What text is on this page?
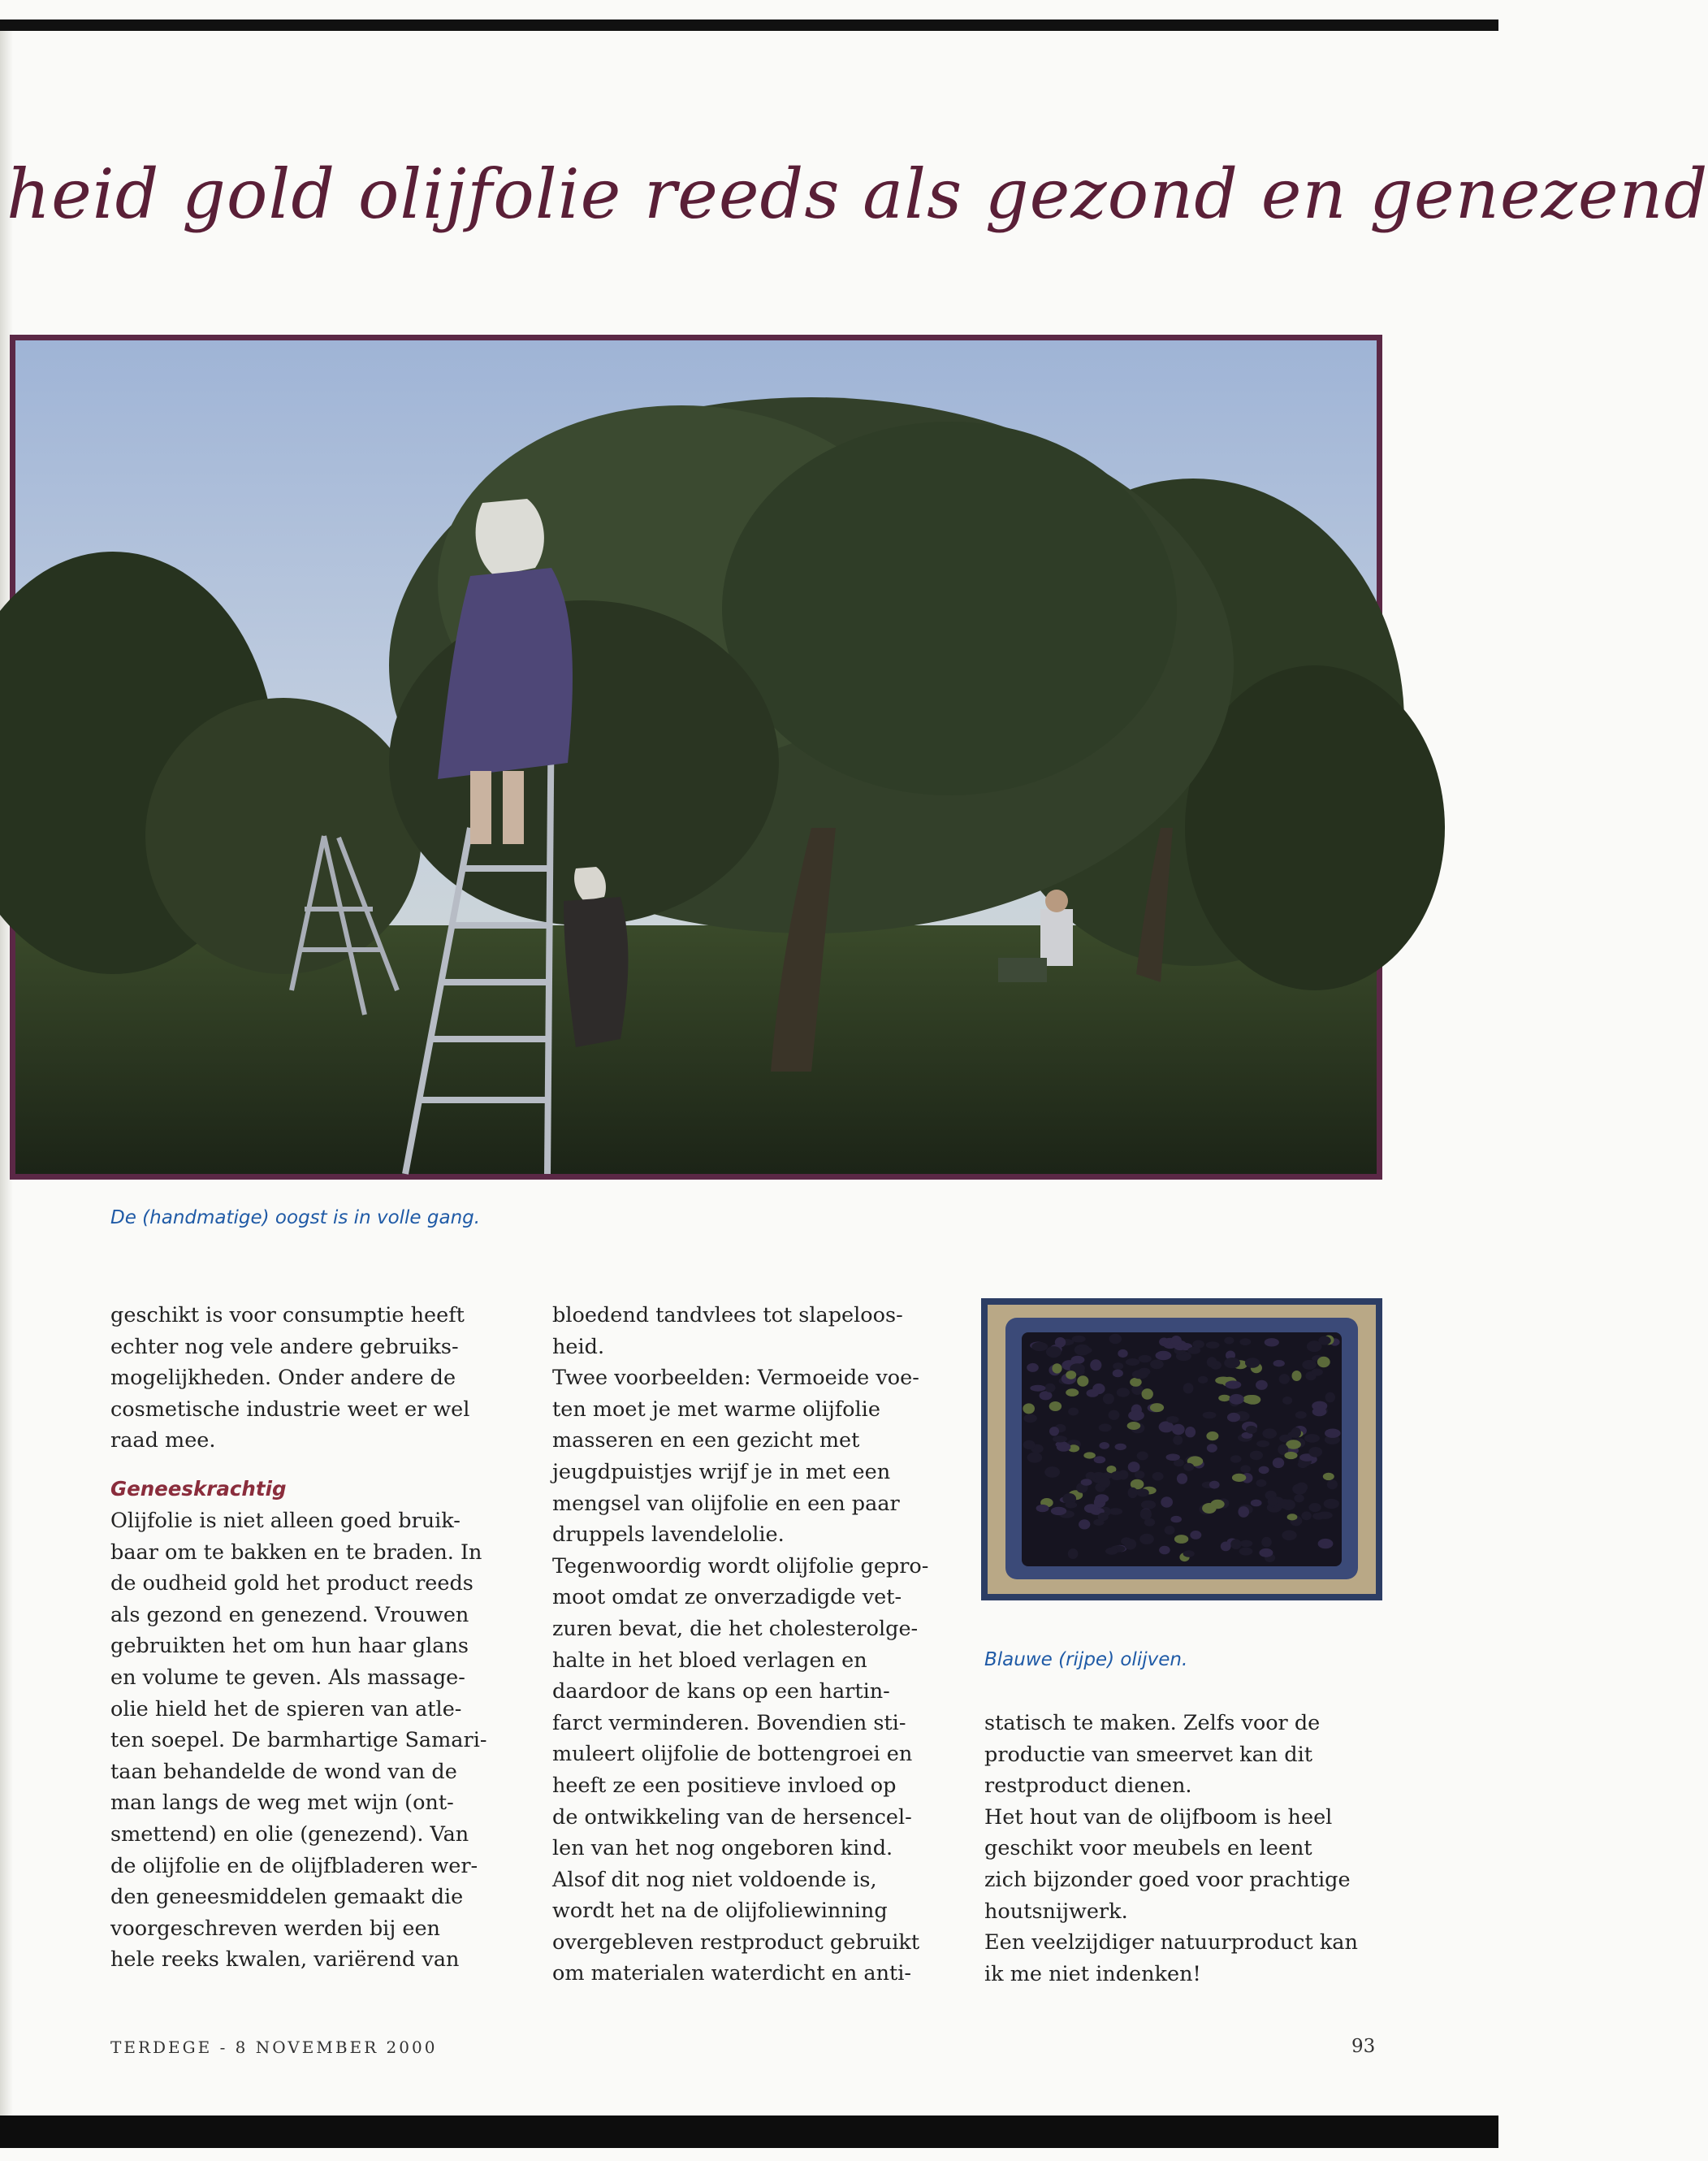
heid gold olijfolie reeds als gezond en genezend
De (handmatige) oogst is in volle gang.

geschikt is voor consumptie heeft

echter nog vele andere gebruiks-

mogelijkheden. Onder andere de

cosmetische industrie weet er wel

raad mee.

Geneeskrachtig

Olijfolie is niet alleen goed bruik-

baar om te bakken en te braden. In

de oudheid gold het product reeds

als gezond en genezend. Vrouwen

gebruikten het om hun haar glans

en volume te geven. Als massage-

olie hield het de spieren van atle-

ten soepel. De barmhartige Samari-

taan behandelde de wond van de

man langs de weg met wijn (ont-

smettend) en olie (genezend). Van

de olijfolie en de olijfbladeren wer-

den geneesmiddelen gemaakt die

voorgeschreven werden bij een

hele reeks kwalen, variërend van

bloedend tandvlees tot slapeloos-

heid.

Twee voorbeelden: Vermoeide voe-

ten moet je met warme olijfolie

masseren en een gezicht met

jeugdpuistjes wrijf je in met een

mengsel van olijfolie en een paar

druppels lavendelolie.

Tegenwoordig wordt olijfolie gepro-

moot omdat ze onverzadigde vet-

zuren bevat, die het cholesterolge-

halte in het bloed verlagen en

daardoor de kans op een hartin-

farct verminderen. Bovendien sti-

muleert olijfolie de bottengroei en

heeft ze een positieve invloed op

de ontwikkeling van de hersencel-

len van het nog ongeboren kind.

Alsof dit nog niet voldoende is,

wordt het na de olijfoliewinning

overgebleven restproduct gebruikt

om materialen waterdicht en anti-

Blauwe (rijpe) olijven.

statisch te maken. Zelfs voor de

productie van smeervet kan dit

restproduct dienen.

Het hout van de olijfboom is heel

geschikt voor meubels en leent

zich bijzonder goed voor prachtige

houtsnijwerk.

Een veelzijdiger natuurproduct kan

ik me niet indenken!

TERDEGE - 8 NOVEMBER 2000	93
